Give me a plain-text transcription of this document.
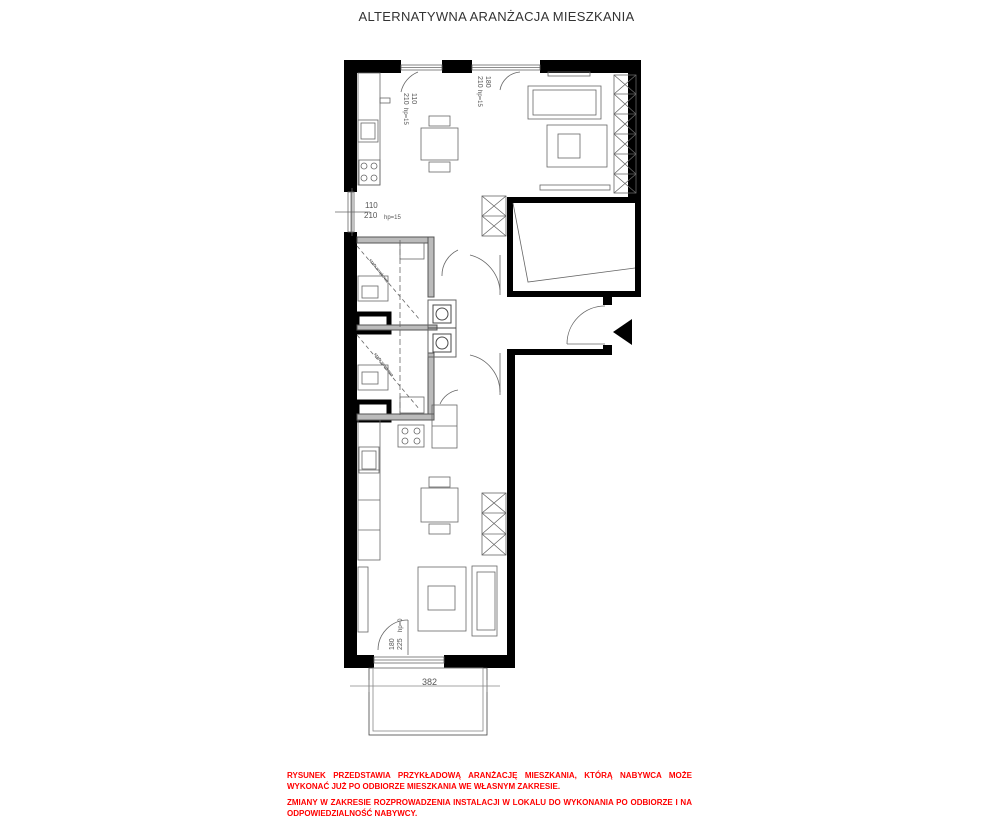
ALTERNATYWNA ARANŻACJA MIESZKANIA
110
210
hp=15
180
210
hp=15
110
210 hp=15
180 225
hp=0
382
szafa wnękowa
szafa wnękowa
RYSUNEK PRZEDSTAWIA PRZYKŁADOWĄ ARANŻACJĘ MIESZKANIA, KTÓRĄ NABYWCA MOŻE WYKONAĆ JUŻ PO ODBIORZE MIESZKANIA WE WŁASNYM ZAKRESIE.
ZMIANY W ZAKRESIE ROZPROWADZENIA INSTALACJI W LOKALU DO WYKONANIA PO ODBIORZE I NA ODPOWIEDZIALNOŚĆ NABYWCY.
